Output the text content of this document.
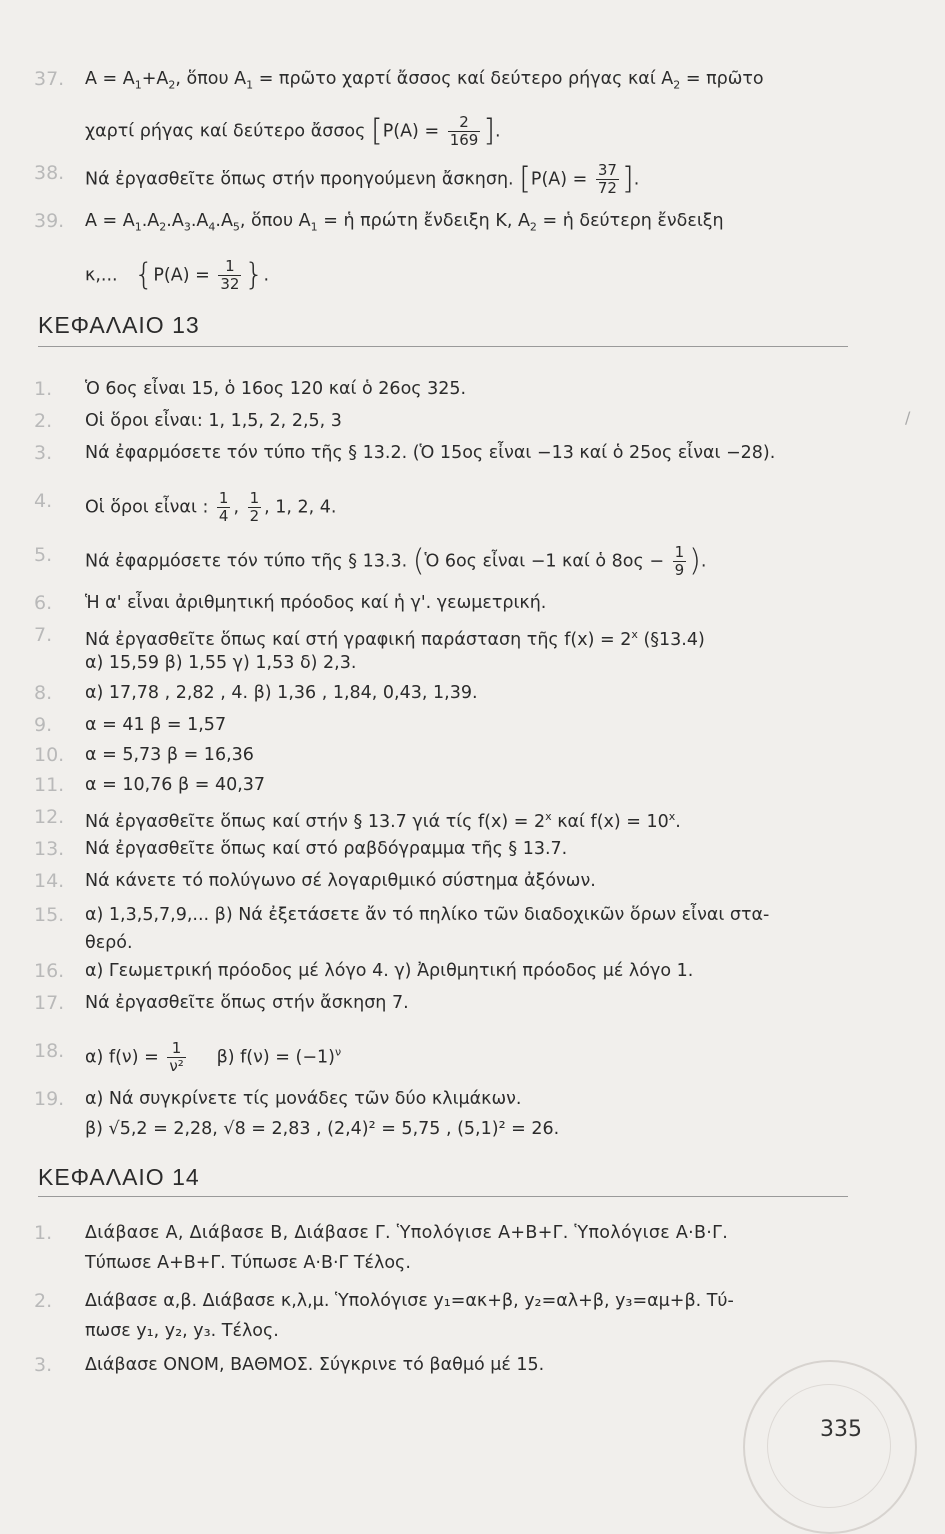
37. $A = A_1+A_2$, ὅπου $A_1$ = πρῶτο χαρτί ἄσσος καί δεύτερο ρήγας καί $A_2$ = πρῶτο
χαρτί ρήγας καί δεύτερο ἄσσος [$P(A) = \frac{2}{169}$ ].
38. Νά ἐργασθεῖτε ὅπως στήν προηγούμενη ἄσκηση. [$P(A) = \frac{37}{72}$ ].
39. $A = A_1.A_2.A_3.A_4.A_5$, ὅπου $A_1$ = ἡ πρώτη ἔνδειξη K, $A_2$ = ἡ δεύτερη ἔνδειξη
κ,... {$P(A) = \frac{1}{32}$ }.
ΚΕΦΑΛΑΙΟ 13
1. Ὁ 6ος εἶναι 15, ὁ 16ος 120 καί ὁ 26ος 325.
2. Οἱ ὅροι εἶναι: 1, 1,5, 2, 2,5, 3
3. Νά ἐφαρμόσετε τόν τύπο τῆς § 13.2. (Ὁ 15ος εἶναι −13 καί ὁ 25ος εἶναι −28).
4. Οἱ ὅροι εἶναι : $\frac{1}{4}$ , $\frac{1}{2}$ , 1, 2, 4.
5. Νά ἐφαρμόσετε τόν τύπο τῆς § 13.3. (Ὁ 6ος εἶναι −1 καί ὁ $8o\varsigma - \frac{1}{9}$ ).
6. Ἡ α' εἶναι ἀριθμητική πρόοδος καί ἡ γ'. γεωμετρική.
7. Νά ἐργασθεῖτε ὅπως καί στή γραφική παράσταση τῆς $f(x) = 2^x$ (§13.4)
α) 15,59 β) 1,55 γ) 1,53 δ) 2,3.
8. α) 17,78 , 2,82 , 4. β) 1,36 , 1,84, 0,43, 1,39.
9. α = 41 β = 1,57
10. α = 5,73 β = 16,36
11. α = 10,76 β = 40,37
12. Νά ἐργασθεῖτε ὅπως καί στήν § 13.7 γιά τίς $f(x) = 2^x$ καί $f(x) = 10^x$.
13. Νά ἐργασθεῖτε ὅπως καί στό ραβδόγραμμα τῆς § 13.7.
14. Νά κάνετε τό πολύγωνο σέ λογαριθμικό σύστημα ἀξόνων.
15. α) 1,3,5,7,9,... β) Νά ἐξετάσετε ἄν τό πηλίκο τῶν διαδοχικῶν ὅρων εἶναι στα-
θερό.
16. α) Γεωμετρική πρόοδος μέ λόγο 4. γ) Ἀριθμητική πρόοδος μέ λόγο 1.
17. Νά ἐργασθεῖτε ὅπως στήν ἄσκηση 7.
18. α) $f(\nu) = \frac{1}{\text{ν²}} \beta$) $f(\nu) = (-1)^\nu$
19. α) Νά συγκρίνετε τίς μονάδες τῶν δύο κλιμάκων.
β) √5,2 = 2,28, √8 = 2,83 , (2,4)² = 5,75 , (5,1)² = 26.
ΚΕΦΑΛΑΙΟ 14
1. Διάβασε A, Διάβασε B, Διάβασε Γ. Ὑπολόγισε A+B+Γ. Ὑπολόγισε A·B·Γ.
Τύπωσε A+B+Γ. Τύπωσε A·B·Γ Τέλος.
2. Διάβασε α,β. Διάβασε κ,λ,μ. Ὑπολόγισε y₁=ακ+β, y₂=αλ+β, y₃=αμ+β. Τύ-
πωσε y₁, y₂, y₃. Τέλος.
3. Διάβασε ΟΝΟΜ, ΒΑΘΜΟΣ. Σύγκρινε τό βαθμό μέ 15.
/
335
